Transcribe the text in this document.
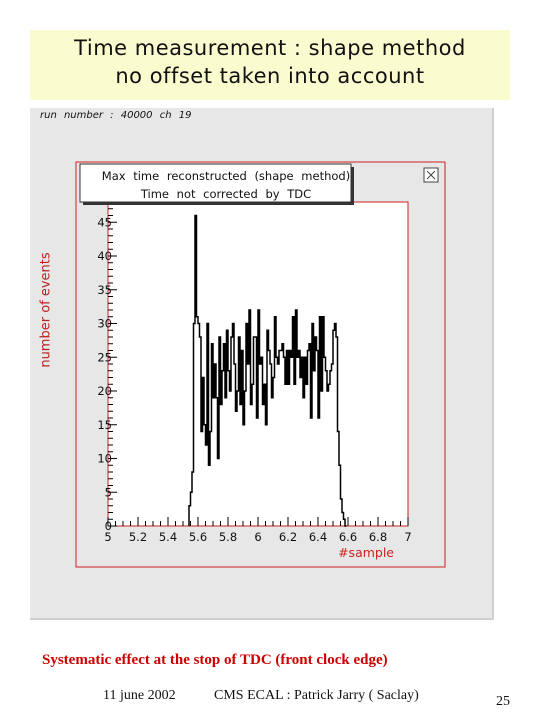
Time measurement : shape method
no offset taken into account
run number : 40000 ch 19
number of events
Max time reconstructed (shape method)
Time not corrected by TDC
5 5.2 5.4 5.6 5.8 6 6.2 6.4 6.6 6.8 7
0
5
10
15
20
25
30
35
40
45
#sample
Systematic effect at the stop of TDC (front clock edge)
11 june 2002	CMS ECAL : Patrick Jarry ( Saclay)	25
